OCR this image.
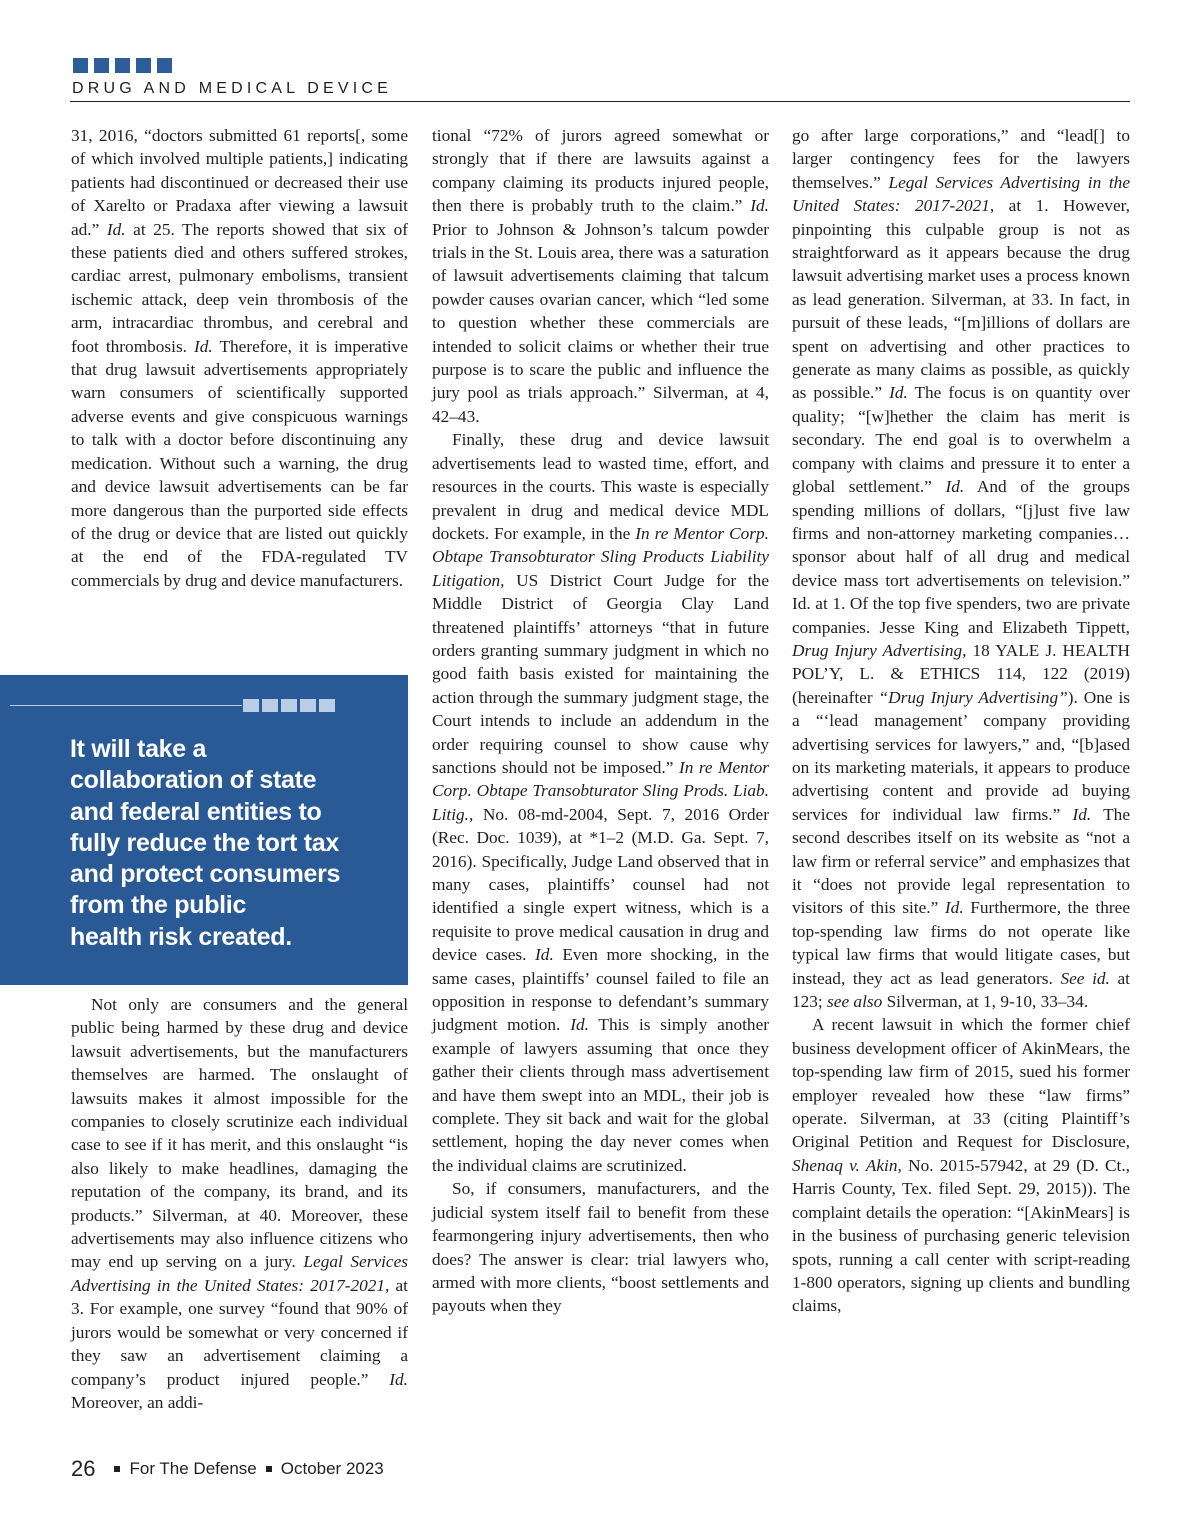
DRUG AND MEDICAL DEVICE

31, 2016, “doctors submitted 61 reports[, some of which involved multiple patients,] indicating patients had discontinued or decreased their use of Xarelto or Pradaxa after viewing a lawsuit ad.” Id. at 25. The reports showed that six of these patients died and others suffered strokes, cardiac arrest, pulmonary embolisms, transient ischemic attack, deep vein thrombosis of the arm, intracardiac thrombus, and cerebral and foot thrombosis. Id. Therefore, it is imperative that drug lawsuit advertisements appropriately warn consumers of scientifically supported adverse events and give conspicuous warnings to talk with a doctor before discontinuing any medication. Without such a warning, the drug and device lawsuit advertisements can be far more dangerous than the purported side effects of the drug or device that are listed out quickly at the end of the FDA-regulated TV commercials by drug and device manufacturers.

It will take a
collaboration of state
and federal entities to
fully reduce the tort tax
and protect consumers
from the public
health risk created.

Not only are consumers and the general public being harmed by these drug and device lawsuit advertisements, but the manufacturers themselves are harmed. The onslaught of lawsuits makes it almost impossible for the companies to closely scrutinize each individual case to see if it has merit, and this onslaught “is also likely to make headlines, damaging the reputation of the company, its brand, and its products.” Silverman, at 40. Moreover, these advertisements may also influence citizens who may end up serving on a jury. Legal Services Advertising in the United States: 2017-2021, at 3. For example, one survey “found that 90% of jurors would be somewhat or very concerned if they saw an advertisement claiming a company’s product injured people.” Id. Moreover, an addi-

tional “72% of jurors agreed somewhat or strongly that if there are lawsuits against a company claiming its products injured people, then there is probably truth to the claim.” Id. Prior to Johnson & Johnson’s talcum powder trials in the St. Louis area, there was a saturation of lawsuit advertisements claiming that talcum powder causes ovarian cancer, which “led some to question whether these commercials are intended to solicit claims or whether their true purpose is to scare the public and influence the jury pool as trials approach.” Silverman, at 4, 42–43.

Finally, these drug and device lawsuit advertisements lead to wasted time, effort, and resources in the courts. This waste is especially prevalent in drug and medical device MDL dockets. For example, in the In re Mentor Corp. Obtape Transobturator Sling Products Liability Litigation, US District Court Judge for the Middle District of Georgia Clay Land threatened plaintiffs’ attorneys “that in future orders granting summary judgment in which no good faith basis existed for maintaining the action through the summary judgment stage, the Court intends to include an addendum in the order requiring counsel to show cause why sanctions should not be imposed.” In re Mentor Corp. Obtape Transobturator Sling Prods. Liab. Litig., No. 08-md-2004, Sept. 7, 2016 Order (Rec. Doc. 1039), at *1–2 (M.D. Ga. Sept. 7, 2016). Specifically, Judge Land observed that in many cases, plaintiffs’ counsel had not identified a single expert witness, which is a requisite to prove medical causation in drug and device cases. Id. Even more shocking, in the same cases, plaintiffs’ counsel failed to file an opposition in response to defendant’s summary judgment motion. Id. This is simply another example of lawyers assuming that once they gather their clients through mass advertisement and have them swept into an MDL, their job is complete. They sit back and wait for the global settlement, hoping the day never comes when the individual claims are scrutinized.

So, if consumers, manufacturers, and the judicial system itself fail to benefit from these fearmongering injury advertisements, then who does? The answer is clear: trial lawyers who, armed with more clients, “boost settlements and payouts when they

go after large corporations,” and “lead[] to larger contingency fees for the lawyers themselves.” Legal Services Advertising in the United States: 2017-2021, at 1. However, pinpointing this culpable group is not as straightforward as it appears because the drug lawsuit advertising market uses a process known as lead generation. Silverman, at 33. In fact, in pursuit of these leads, “[m]illions of dollars are spent on advertising and other practices to generate as many claims as possible, as quickly as possible.” Id. The focus is on quantity over quality; “[w]hether the claim has merit is secondary. The end goal is to overwhelm a company with claims and pressure it to enter a global settlement.” Id. And of the groups spending millions of dollars, “[j]ust five law firms and non-attorney marketing companies… sponsor about half of all drug and medical device mass tort advertisements on television.” Id. at 1. Of the top five spenders, two are private companies. Jesse King and Elizabeth Tippett, Drug Injury Advertising, 18 YALE J. HEALTH POL’Y, L. & ETHICS 114, 122 (2019) (hereinafter “Drug Injury Advertising”). One is a “‘lead management’ company providing advertising services for lawyers,” and, “[b]ased on its marketing materials, it appears to produce advertising content and provide ad buying services for individual law firms.” Id. The second describes itself on its website as “not a law firm or referral service” and emphasizes that it “does not provide legal representation to visitors of this site.” Id. Furthermore, the three top-spending law firms do not operate like typical law firms that would litigate cases, but instead, they act as lead generators. See id. at 123; see also Silverman, at 1, 9-10, 33–34.

A recent lawsuit in which the former chief business development officer of AkinMears, the top-spending law firm of 2015, sued his former employer revealed how these “law firms” operate. Silverman, at 33 (citing Plaintiff’s Original Petition and Request for Disclosure, Shenaq v. Akin, No. 2015-57942, at 29 (D. Ct., Harris County, Tex. filed Sept. 29, 2015)). The complaint details the operation: “[AkinMears] is in the business of purchasing generic television spots, running a call center with script-reading 1-800 operators, signing up clients and bundling claims,

26 For The Defense October 2023
